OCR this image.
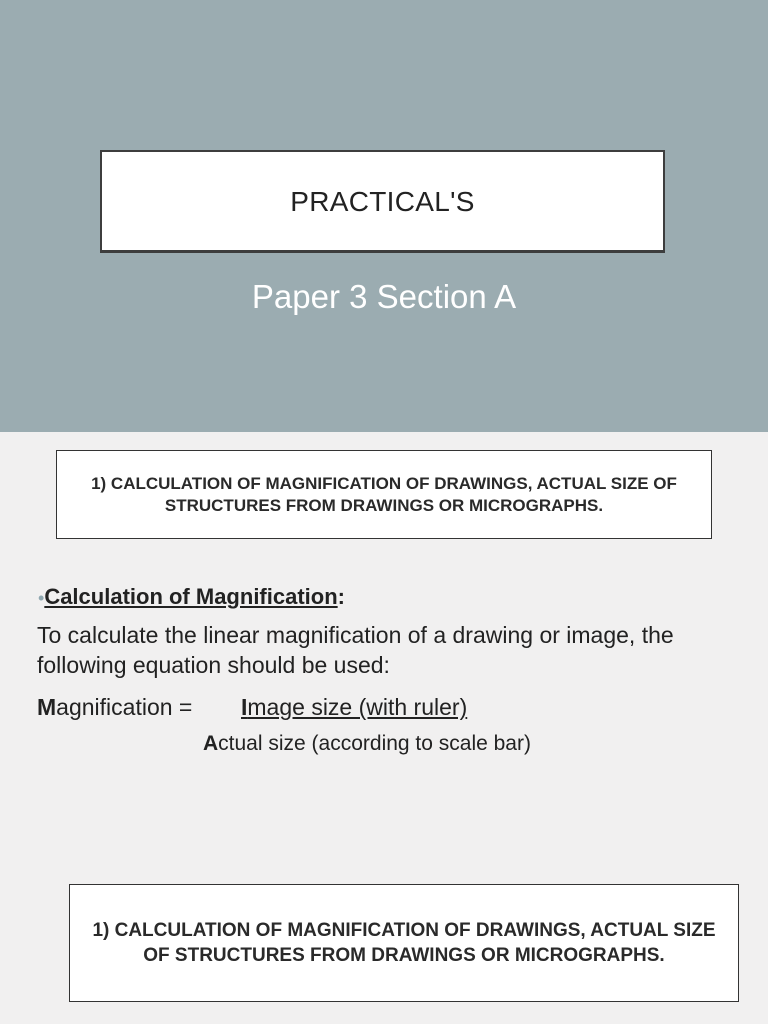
PRACTICAL'S
Paper 3 Section A
1) CALCULATION OF MAGNIFICATION OF DRAWINGS, ACTUAL SIZE OF STRUCTURES FROM DRAWINGS OR MICROGRAPHS.
•Calculation of Magnification:
To calculate the linear magnification of a drawing or image, the following equation should be used:
Magnification = Image size (with ruler)
Actual size (according to scale bar)
1) CALCULATION OF MAGNIFICATION OF DRAWINGS, ACTUAL SIZE OF STRUCTURES FROM DRAWINGS OR MICROGRAPHS.
